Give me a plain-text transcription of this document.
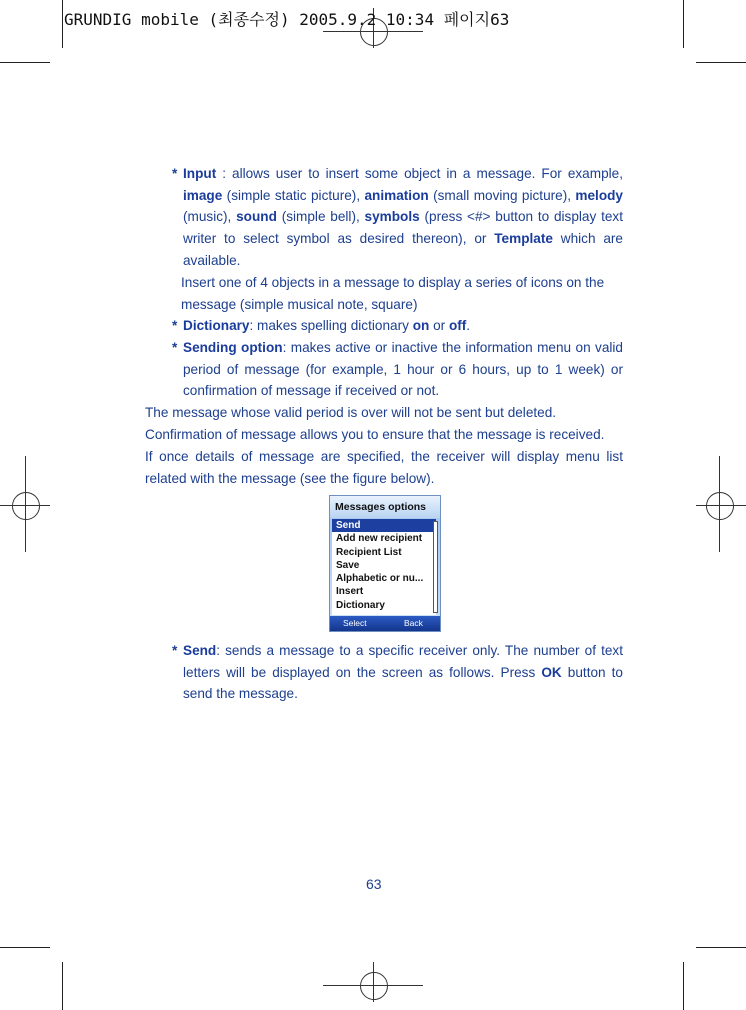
GRUNDIG mobile (최종수정) 2005.9.2 10:34 페이지63
* Input : allows user to insert some object in a message. For example, image (simple static picture), animation (small moving picture), melody (music), sound (simple bell), symbols (press <#> button to display text writer to select symbol as desired thereon), or Template which are available.
Insert one of 4 objects in a message to display a series of icons on the message (simple musical note, square)
* Dictionary: makes spelling dictionary on or off.
* Sending option: makes active or inactive the information menu on valid period of message (for example, 1 hour or 6 hours, up to 1 week) or confirmation of message if received or not.
The message whose valid period is over will not be sent but deleted.
Confirmation of message allows you to ensure that the message is received.
If once details of message are specified, the receiver will display menu list related with the message (see the figure below).
Messages options
Send
Add new recipient
Recipient List
Save
Alphabetic or nu...
Insert
Dictionary
Select	Back
* Send: sends a message to a specific receiver only. The number of text letters will be displayed on the screen as follows. Press OK button to send the message.
63
